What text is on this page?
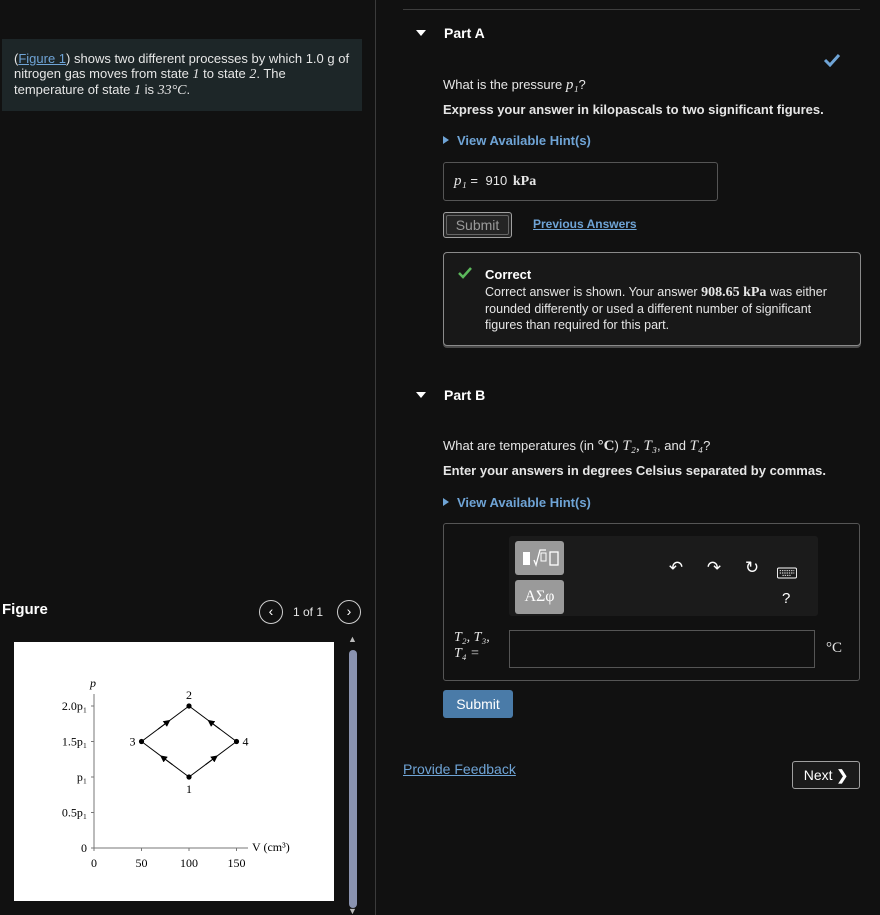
(Figure 1) shows two different processes by which 1.0 g of nitrogen gas moves from state 1 to state 2. The temperature of state 1 is 33°C.
Figure	‹	1 of 1	›
p
V (cm³)
2.0p₁
1.5p₁
p₁
0.5p₁
0
0	50	100 150
1
2
3	4
▲
▼
Part A
What is the pressure p₁?
Express your answer in kilopascals to two significant figures.
View Available Hint(s)
p₁ = 910 kPa
Submit	Previous Answers
Correct
Correct answer is shown. Your answer 908.65 kPa was either rounded differently or used a different number of significant figures than required for this part.
Part B
What are temperatures (in °C) T₂, T₃, and T₄?
Enter your answers in degrees Celsius separated by commas.
View Available Hint(s)
ΑΣφ
↶ ↷ ↻
?
T₂, T₃,
T₄ =	°C
Submit
Provide Feedback	Next ❯
